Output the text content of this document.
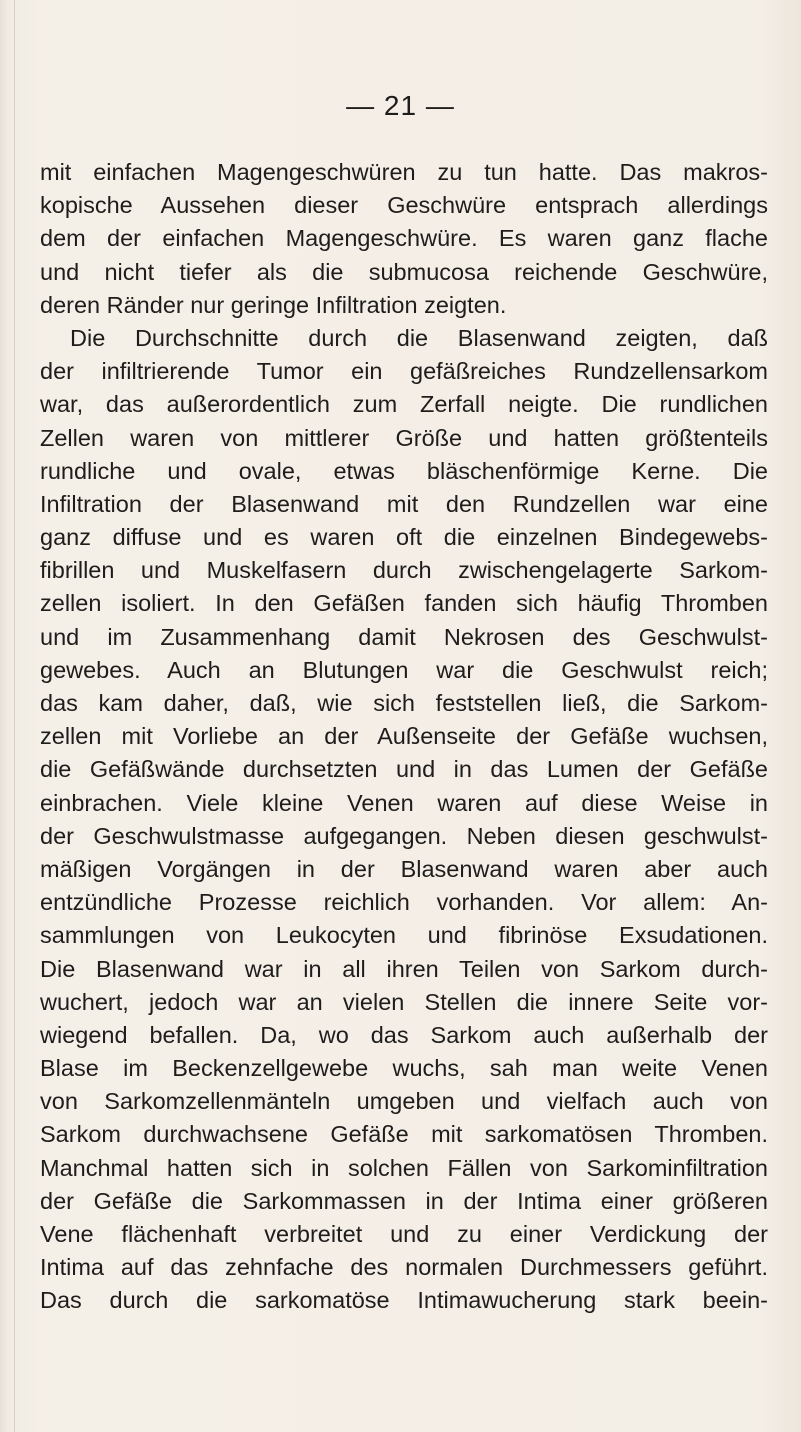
— 21 —
mit einfachen Magengeschwüren zu tun hatte. Das makros-
kopische Aussehen dieser Geschwüre entsprach allerdings
dem der einfachen Magengeschwüre. Es waren ganz flache
und nicht tiefer als die submucosa reichende Geschwüre,
deren Ränder nur geringe Infiltration zeigten.
Die Durchschnitte durch die Blasenwand zeigten, daß
der infiltrierende Tumor ein gefäßreiches Rundzellensarkom
war, das außerordentlich zum Zerfall neigte. Die rundlichen
Zellen waren von mittlerer Größe und hatten größtenteils
rundliche und ovale, etwas bläschenförmige Kerne. Die
Infiltration der Blasenwand mit den Rundzellen war eine
ganz diffuse und es waren oft die einzelnen Bindegewebs-
fibrillen und Muskelfasern durch zwischengelagerte Sarkom-
zellen isoliert. In den Gefäßen fanden sich häufig Thromben
und im Zusammenhang damit Nekrosen des Geschwulst-
gewebes. Auch an Blutungen war die Geschwulst reich;
das kam daher, daß, wie sich feststellen ließ, die Sarkom-
zellen mit Vorliebe an der Außenseite der Gefäße wuchsen,
die Gefäßwände durchsetzten und in das Lumen der Gefäße
einbrachen. Viele kleine Venen waren auf diese Weise in
der Geschwulstmasse aufgegangen. Neben diesen geschwulst-
mäßigen Vorgängen in der Blasenwand waren aber auch
entzündliche Prozesse reichlich vorhanden. Vor allem: An-
sammlungen von Leukocyten und fibrinöse Exsudationen.
Die Blasenwand war in all ihren Teilen von Sarkom durch-
wuchert, jedoch war an vielen Stellen die innere Seite vor-
wiegend befallen. Da, wo das Sarkom auch außerhalb der
Blase im Beckenzellgewebe wuchs, sah man weite Venen
von Sarkomzellenmänteln umgeben und vielfach auch von
Sarkom durchwachsene Gefäße mit sarkomatösen Thromben.
Manchmal hatten sich in solchen Fällen von Sarkominfiltration
der Gefäße die Sarkommassen in der Intima einer größeren
Vene flächenhaft verbreitet und zu einer Verdickung der
Intima auf das zehnfache des normalen Durchmessers geführt.
Das durch die sarkomatöse Intimawucherung stark beein-
